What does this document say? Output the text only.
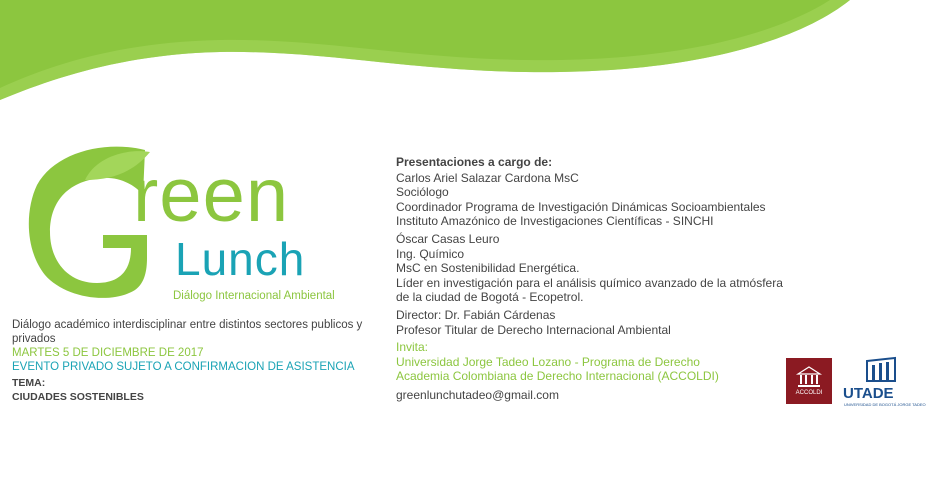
reen
Lunch
Diálogo Internacional Ambiental
Diálogo académico interdisciplinar entre distintos sectores publicos y privados
MARTES 5 DE DICIEMBRE DE 2017
EVENTO PRIVADO SUJETO A CONFIRMACION DE ASISTENCIA
TEMA:
CIUDADES SOSTENIBLES
Presentaciones a cargo de:
Carlos Ariel Salazar Cardona MsC
Sociólogo
Coordinador Programa de Investigación Dinámicas Socioambientales
Instituto Amazónico de Investigaciones Científicas - SINCHI
Óscar Casas Leuro
Ing. Químico
MsC en Sostenibilidad Energética.
Líder en investigación para el análisis químico avanzado de la atmósfera
de la ciudad de Bogotá - Ecopetrol.
Director: Dr. Fabián Cárdenas
Profesor Titular de Derecho Internacional Ambiental
Invita:
Universidad Jorge Tadeo Lozano - Programa de Derecho
Academia Colombiana de Derecho Internacional (ACCOLDI)
greenlunchutadeo@gmail.com	ACCOLDI UTADE
UNIVERSIDAD DE BOGOTÁ JORGE TADEO
